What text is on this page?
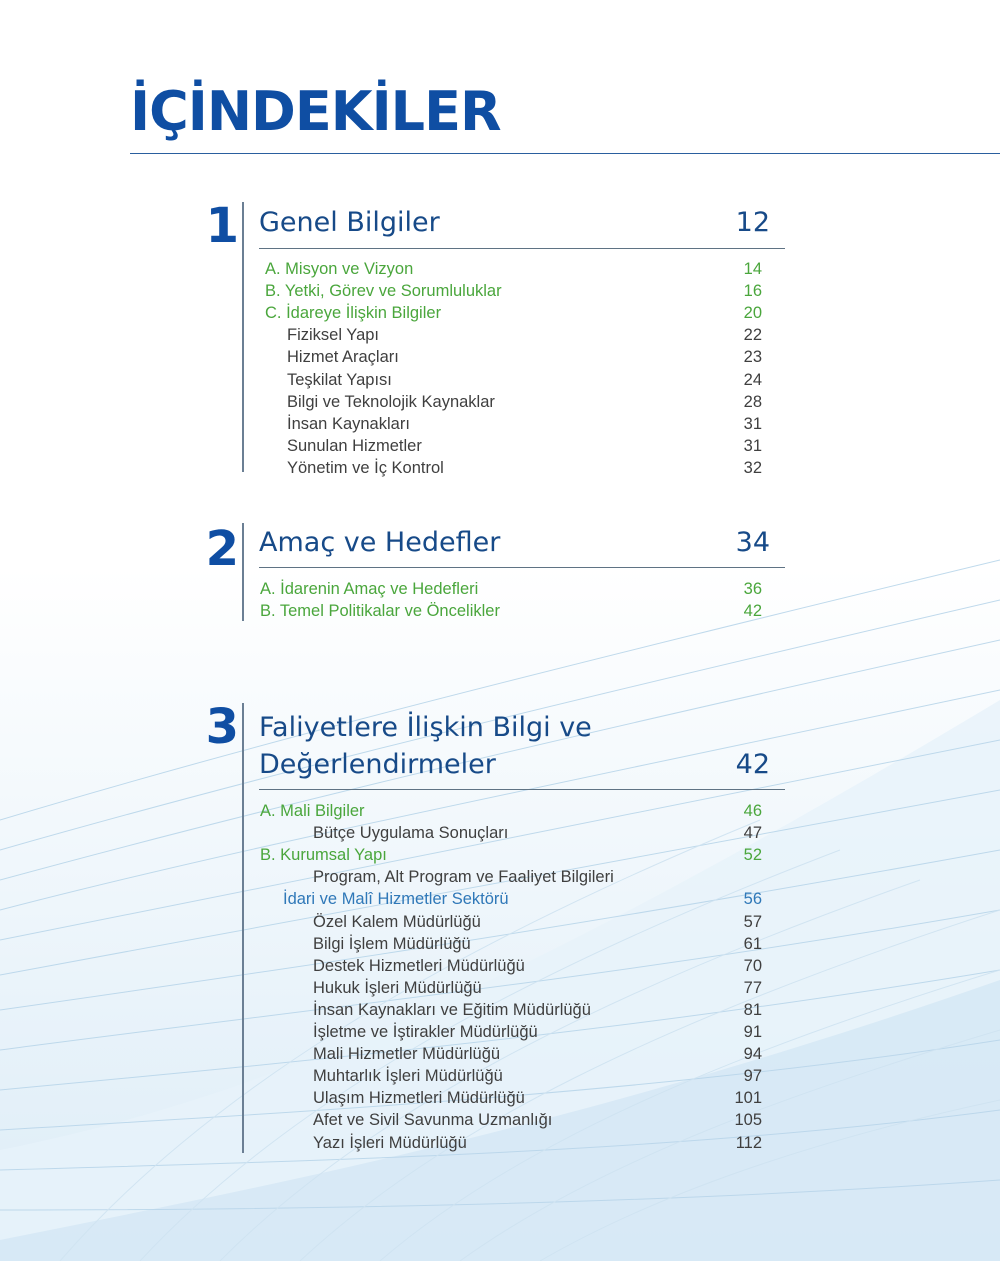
İÇİNDEKİLER
1 Genel Bilgiler	12
A. Misyon ve Vizyon	14
B. Yetki, Görev ve Sorumluluklar	16
C. İdareye İlişkin Bilgiler	20
Fiziksel Yapı	22
Hizmet Araçları	23
Teşkilat Yapısı	24
Bilgi ve Teknolojik Kaynaklar	28
İnsan Kaynakları	31
Sunulan Hizmetler	31
Yönetim ve İç Kontrol	32
2 Amaç ve Hedefler	34
A. İdarenin Amaç ve Hedefleri	36
B. Temel Politikalar ve Öncelikler	42
3 Faliyetlere İlişkin Bilgi ve
Değerlendirmeler	42
A. Mali Bilgiler	46
Bütçe Uygulama Sonuçları	47
B. Kurumsal Yapı	52
Program, Alt Program ve Faaliyet Bilgileri
İdari ve Malî Hizmetler Sektörü	56
Özel Kalem Müdürlüğü	57
Bilgi İşlem Müdürlüğü	61
Destek Hizmetleri Müdürlüğü	70
Hukuk İşleri Müdürlüğü	77
İnsan Kaynakları ve Eğitim Müdürlüğü	81
İşletme ve İştirakler Müdürlüğü	91
Mali Hizmetler Müdürlüğü	94
Muhtarlık İşleri Müdürlüğü	97
Ulaşım Hizmetleri Müdürlüğü	101
Afet ve Sivil Savunma Uzmanlığı	105
Yazı İşleri Müdürlüğü	112
